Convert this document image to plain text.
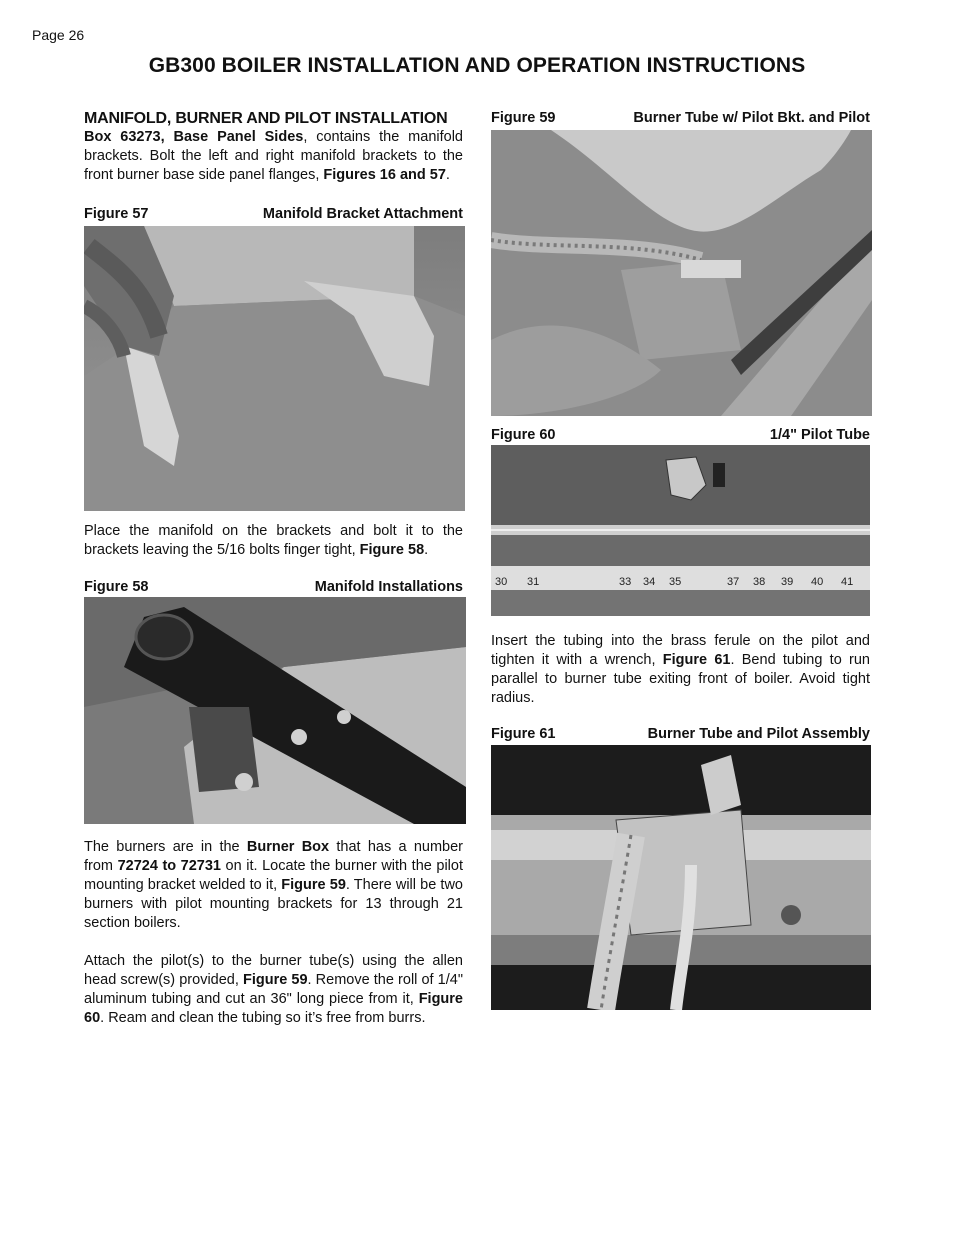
Page 26
GB300 BOILER INSTALLATION AND OPERATION INSTRUCTIONS
MANIFOLD, BURNER AND PILOT INSTALLATION

Box 63273, Base Panel Sides, contains the manifold brackets. Bolt the left and right manifold brackets to the front burner base side panel flanges, Figures 16 and 57.

Figure 57	Manifold Bracket Attachment

Place the manifold on the brackets and bolt it to the brackets leaving the 5/16 bolts finger tight, Figure 58.

Figure 58	Manifold Installations

The burners are in the Burner Box that has a number from 72724 to 72731 on it. Locate the burner with the pilot mounting bracket welded to it, Figure 59. There will be two burners with pilot mounting brackets for 13 through 21 section boilers.

Attach the pilot(s) to the burner tube(s) using the allen head screw(s) provided, Figure 59. Remove the roll of 1/4" aluminum tubing and cut an 36" long piece from it, Figure 60. Ream and clean the tubing so it’s free from burrs.

Figure 59	Burner Tube w/ Pilot Bkt. and Pilot
Figure 60	1/4" Pilot Tube
30 31	33 34 35	37 38 39 40 41

Insert the tubing into the brass ferule on the pilot and tighten it with a wrench, Figure 61. Bend tubing to run parallel to burner tube exiting front of boiler. Avoid tight radius.

Figure 61	Burner Tube and Pilot Assembly
